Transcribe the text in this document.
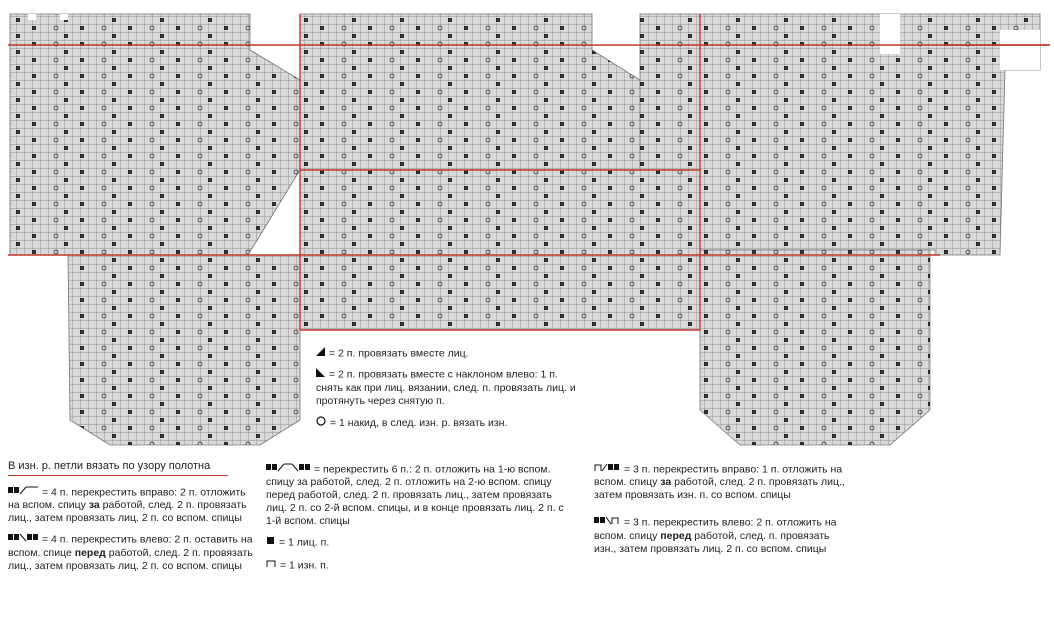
= 2 п. провязать вместе лиц.
= 2 п. провязать вместе с наклоном влево: 1 п. снять как при лиц. вязании, след. п. провязать лиц. и протянуть через снятую п.
= 1 накид, в след. изн. р. вязать изн.
В изн. р. петли вязать по узору полотна
= 4 п. перекрестить вправо: 2 п. отложить на вспом. спицу за работой, след. 2 п. провязать лиц., затем провязать лиц. 2 п. со вспом. спицы
= 4 п. перекрестить влево: 2 п. оставить на вспом. спице перед работой, след. 2 п. провязать лиц., затем провязать лиц. 2 п. со вспом. спицы
= перекрестить 6 п.: 2 п. отложить на 1-ю вспом. спицу за работой, след. 2 п. отложить на 2-ю вспом. спицу перед работой, след. 2 п. провязать лиц., затем провязать лиц. 2 п. со 2-й вспом. спицы, и в конце провязать лиц. 2 п. с 1-й вспом. спицы
= 1 лиц. п.
= 1 изн. п.
= 3 п. перекрестить вправо: 1 п. отложить на вспом. спицу за работой, след. 2 п. провязать лиц., затем провязать изн. п. со вспом. спицы
= 3 п. перекрестить влево: 2 п. отложить на вспом. спицу перед работой, след. п. провязать изн., затем провязать лиц. 2 п. со вспом. спицы
